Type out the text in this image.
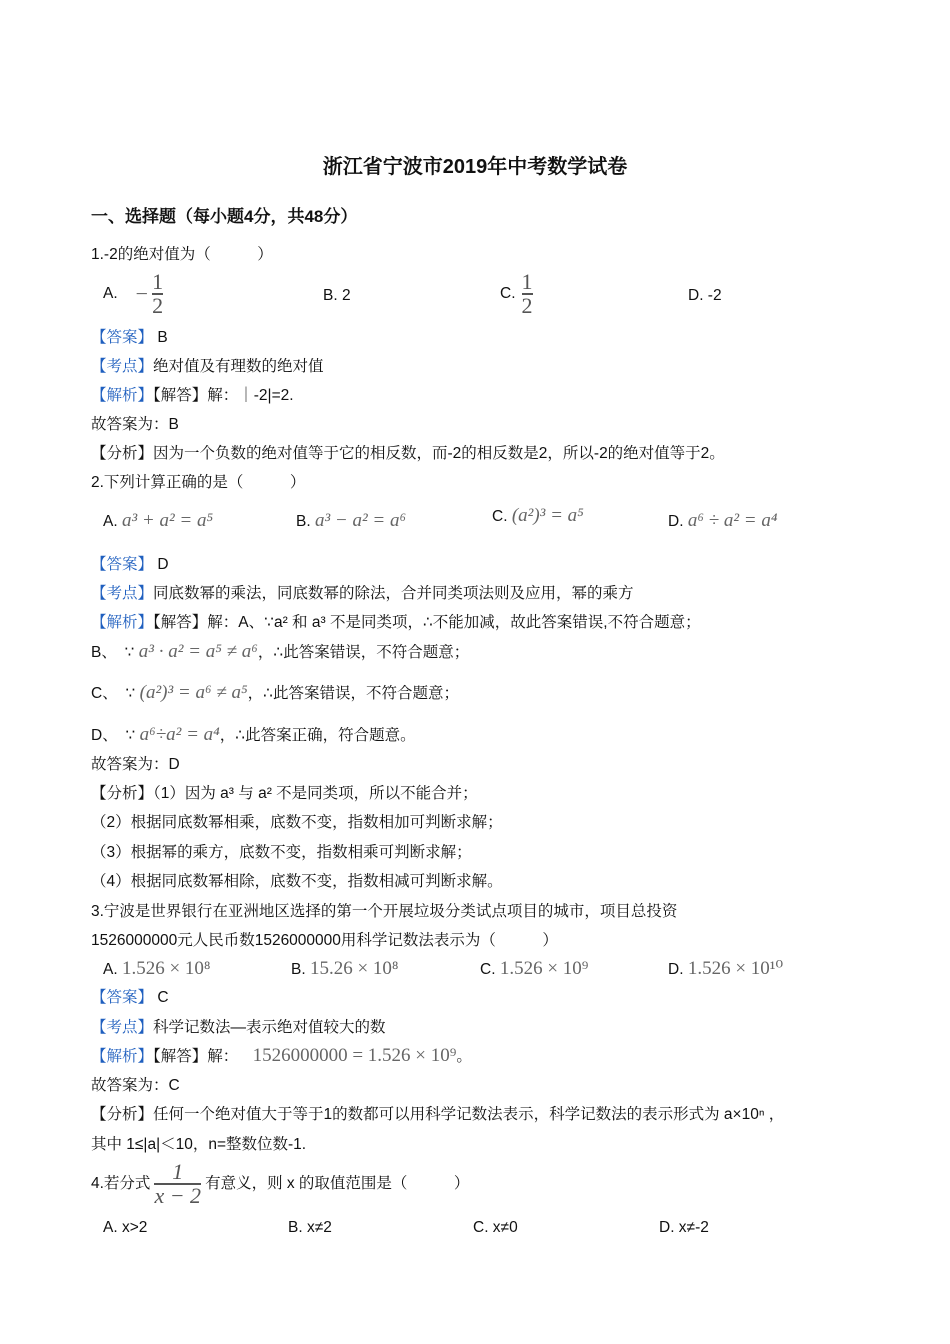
浙江省宁波市2019年中考数学试卷
一、选择题（每小题4分，共48分）
1.-2的绝对值为（　　　）
A. − $\frac{1}{2}$	B. 2	C. $\frac{1}{2}$	D. -2
【答案】 B
【考点】绝对值及有理数的绝对值
【解析】【解答】解：｜-2|=2.
故答案为：B
【分析】因为一个负数的绝对值等于它的相反数，而-2的相反数是2，所以-2的绝对值等于2。
2.下列计算正确的是（　　　）
A. a³ + a² = a⁵	B. a³ − a² = a⁶	C. (a²)³ = a⁵	D. a⁶ ÷ a² = a⁴
【答案】 D
【考点】同底数幂的乘法，同底数幂的除法，合并同类项法则及应用，幂的乘方
【解析】【解答】解：A、∵a² 和 a³ 不是同类项，∴不能加减，故此答案错误,不符合题意；
B、　∵ a³ · a² = a⁵ ≠ a⁶，∴此答案错误，不符合题意；
C、　∵ (a²)³ = a⁶ ≠ a⁵，∴此答案错误，不符合题意；
D、　∵ a⁶÷a² = a⁴，∴此答案正确，符合题意。
故答案为：D
【分析】（1）因为 a³ 与 a² 不是同类项，所以不能合并；
（2）根据同底数幂相乘，底数不变，指数相加可判断求解；
（3）根据幂的乘方，底数不变，指数相乘可判断求解；
（4）根据同底数幂相除，底数不变，指数相减可判断求解。
3.宁波是世界银行在亚洲地区选择的第一个开展垃圾分类试点项目的城市，项目总投资
1526000000元人民币数1526000000用科学记数法表示为（　　　）
A. 1.526 × 10⁸	B. 15.26 × 10⁸	C. 1.526 × 10⁹	D. 1.526 × 10¹⁰
【答案】 C
【考点】科学记数法—表示绝对值较大的数
【解析】【解答】解： 1526000000 = 1.526 × 10⁹。
故答案为：C
【分析】任何一个绝对值大于等于1的数都可以用科学记数法表示，科学记数法的表示形式为 a×10ⁿ ，
其中 1≤|a|＜10，n=整数位数-1.
4.若分式 $\frac{1}{x - 2}$ 有意义，则 x 的取值范围是（　　　）
A. x>2	B. x≠2	C. x≠0	D. x≠-2
